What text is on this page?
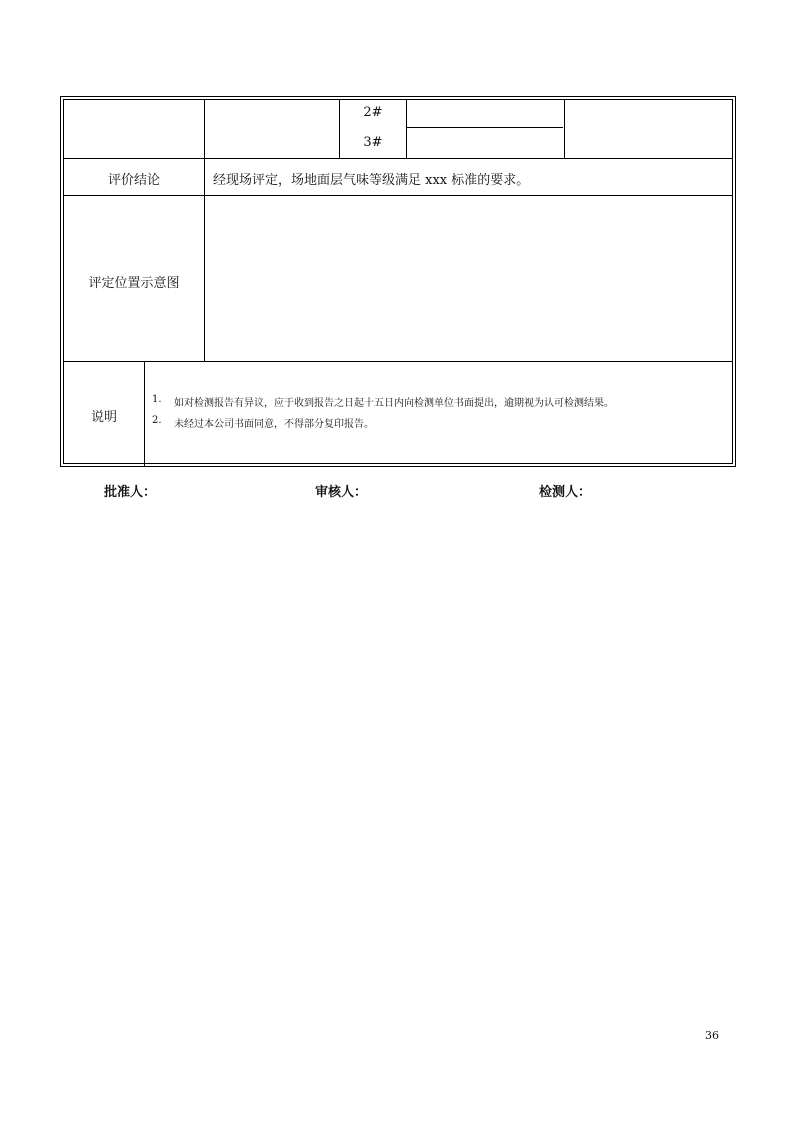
2#
3#
评价结论	经现场评定，场地面层气味等级满足 xxx 标准的要求。
评定位置示意图
说明
1. 如对检测报告有异议，应于收到报告之日起十五日内向检测单位书面提出，逾期视为认可检测结果。
2. 未经过本公司书面同意，不得部分复印报告。
批准人：	审核人：	检测人：
36
